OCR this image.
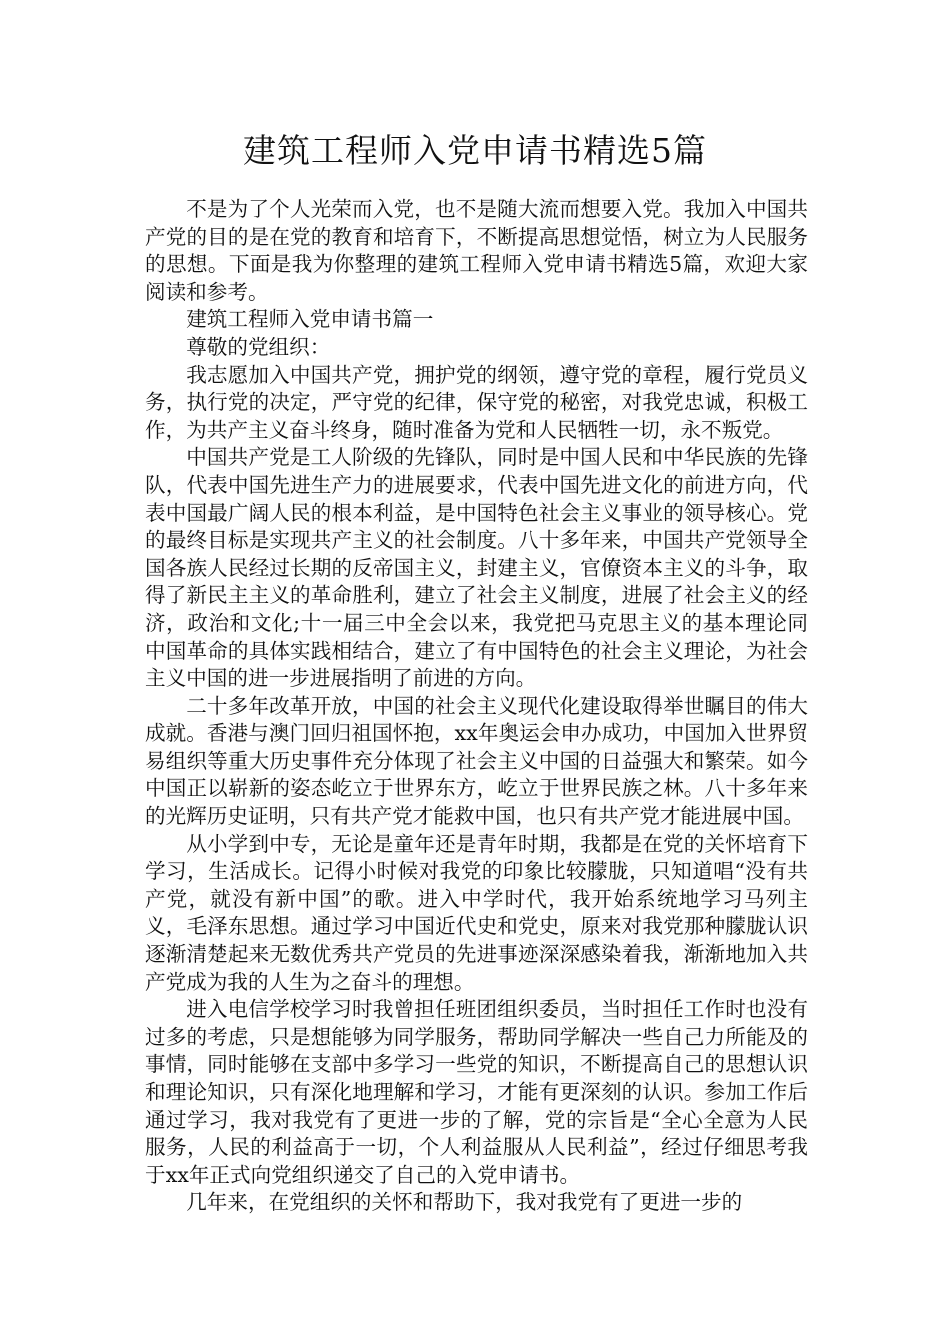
建筑工程师入党申请书精选5篇

不是为了个人光荣而入党，也不是随大流而想要入党。我加入中国共产党的目的是在党的教育和培育下，不断提高思想觉悟，树立为人民服务的思想。下面是我为你整理的建筑工程师入党申请书精选5篇，欢迎大家阅读和参考。

建筑工程师入党申请书篇一

尊敬的党组织：

我志愿加入中国共产党，拥护党的纲领，遵守党的章程，履行党员义务，执行党的决定，严守党的纪律，保守党的秘密，对我党忠诚，积极工作，为共产主义奋斗终身，随时准备为党和人民牺牲一切，永不叛党。

中国共产党是工人阶级的先锋队，同时是中国人民和中华民族的先锋队，代表中国先进生产力的进展要求，代表中国先进文化的前进方向，代表中国最广阔人民的根本利益，是中国特色社会主义事业的领导核心。党的最终目标是实现共产主义的社会制度。八十多年来，中国共产党领导全国各族人民经过长期的反帝国主义，封建主义，官僚资本主义的斗争，取得了新民主主义的革命胜利，建立了社会主义制度，进展了社会主义的经济，政治和文化;十一届三中全会以来，我党把马克思主义的基本理论同中国革命的具体实践相结合，建立了有中国特色的社会主义理论，为社会主义中国的进一步进展指明了前进的方向。

二十多年改革开放，中国的社会主义现代化建设取得举世瞩目的伟大成就。香港与澳门回归祖国怀抱，xx年奥运会申办成功，中国加入世界贸易组织等重大历史事件充分体现了社会主义中国的日益强大和繁荣。如今中国正以崭新的姿态屹立于世界东方，屹立于世界民族之林。八十多年来的光辉历史证明，只有共产党才能救中国，也只有共产党才能进展中国。

从小学到中专，无论是童年还是青年时期，我都是在党的关怀培育下学习，生活成长。记得小时候对我党的印象比较朦胧，只知道唱“没有共产党，就没有新中国”的歌。进入中学时代，我开始系统地学习马列主义，毛泽东思想。通过学习中国近代史和党史，原来对我党那种朦胧认识逐渐清楚起来无数优秀共产党员的先进事迹深深感染着我，渐渐地加入共产党成为我的人生为之奋斗的理想。

进入电信学校学习时我曾担任班团组织委员，当时担任工作时也没有过多的考虑，只是想能够为同学服务，帮助同学解决一些自己力所能及的事情，同时能够在支部中多学习一些党的知识，不断提高自己的思想认识和理论知识，只有深化地理解和学习，才能有更深刻的认识。参加工作后通过学习，我对我党有了更进一步的了解，党的宗旨是“全心全意为人民服务，人民的利益高于一切，个人利益服从人民利益”，经过仔细思考我于xx年正式向党组织递交了自己的入党申请书。

几年来，在党组织的关怀和帮助下，我对我党有了更进一步的
